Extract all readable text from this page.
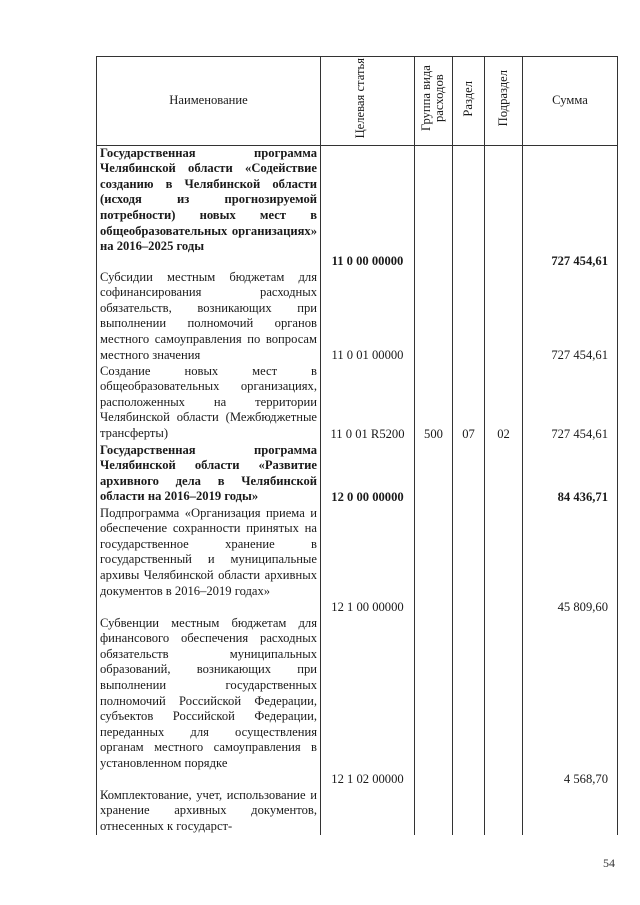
Наименование	Целевая статья	Группа вида расходов	Раздел	Подраздел	Сумма
Государственная программа Челябинской области «Содействие созданию в Челябинской области (исходя из прогнозируемой потребности) новых мест в общеобразовательных организациях» на 2016–2025 годы	11 0 00 00000				727 454,61
Субсидии местным бюджетам для софинансирования расходных обязательств, возникающих при выполнении полномочий органов местного самоуправления по вопросам местного значения	11 0 01 00000				727 454,61
Создание новых мест в общеобразовательных организациях, расположенных на территории Челябинской области (Межбюджетные трансферты)	11 0 01 R5200	500	07	02	727 454,61
Государственная программа Челябинской области «Развитие архивного дела в Челябинской области на 2016–2019 годы»	12 0 00 00000				84 436,71
Подпрограмма «Организация приема и обеспечение сохранности принятых на государственное хранение в государственный и муниципальные архивы Челябинской области архивных документов в 2016–2019 годах»	12 1 00 00000				45 809,60
Субвенции местным бюджетам для финансового обеспечения расходных обязательств муниципальных образований, возникающих при выполнении государственных полномочий Российской Федерации, субъектов Российской Федерации, переданных для осуществления органам местного самоуправления в установленном порядке	12 1 02 00000				4 568,70
Комплектование, учет, использование и хранение архивных документов, отнесенных к государст-					
54
